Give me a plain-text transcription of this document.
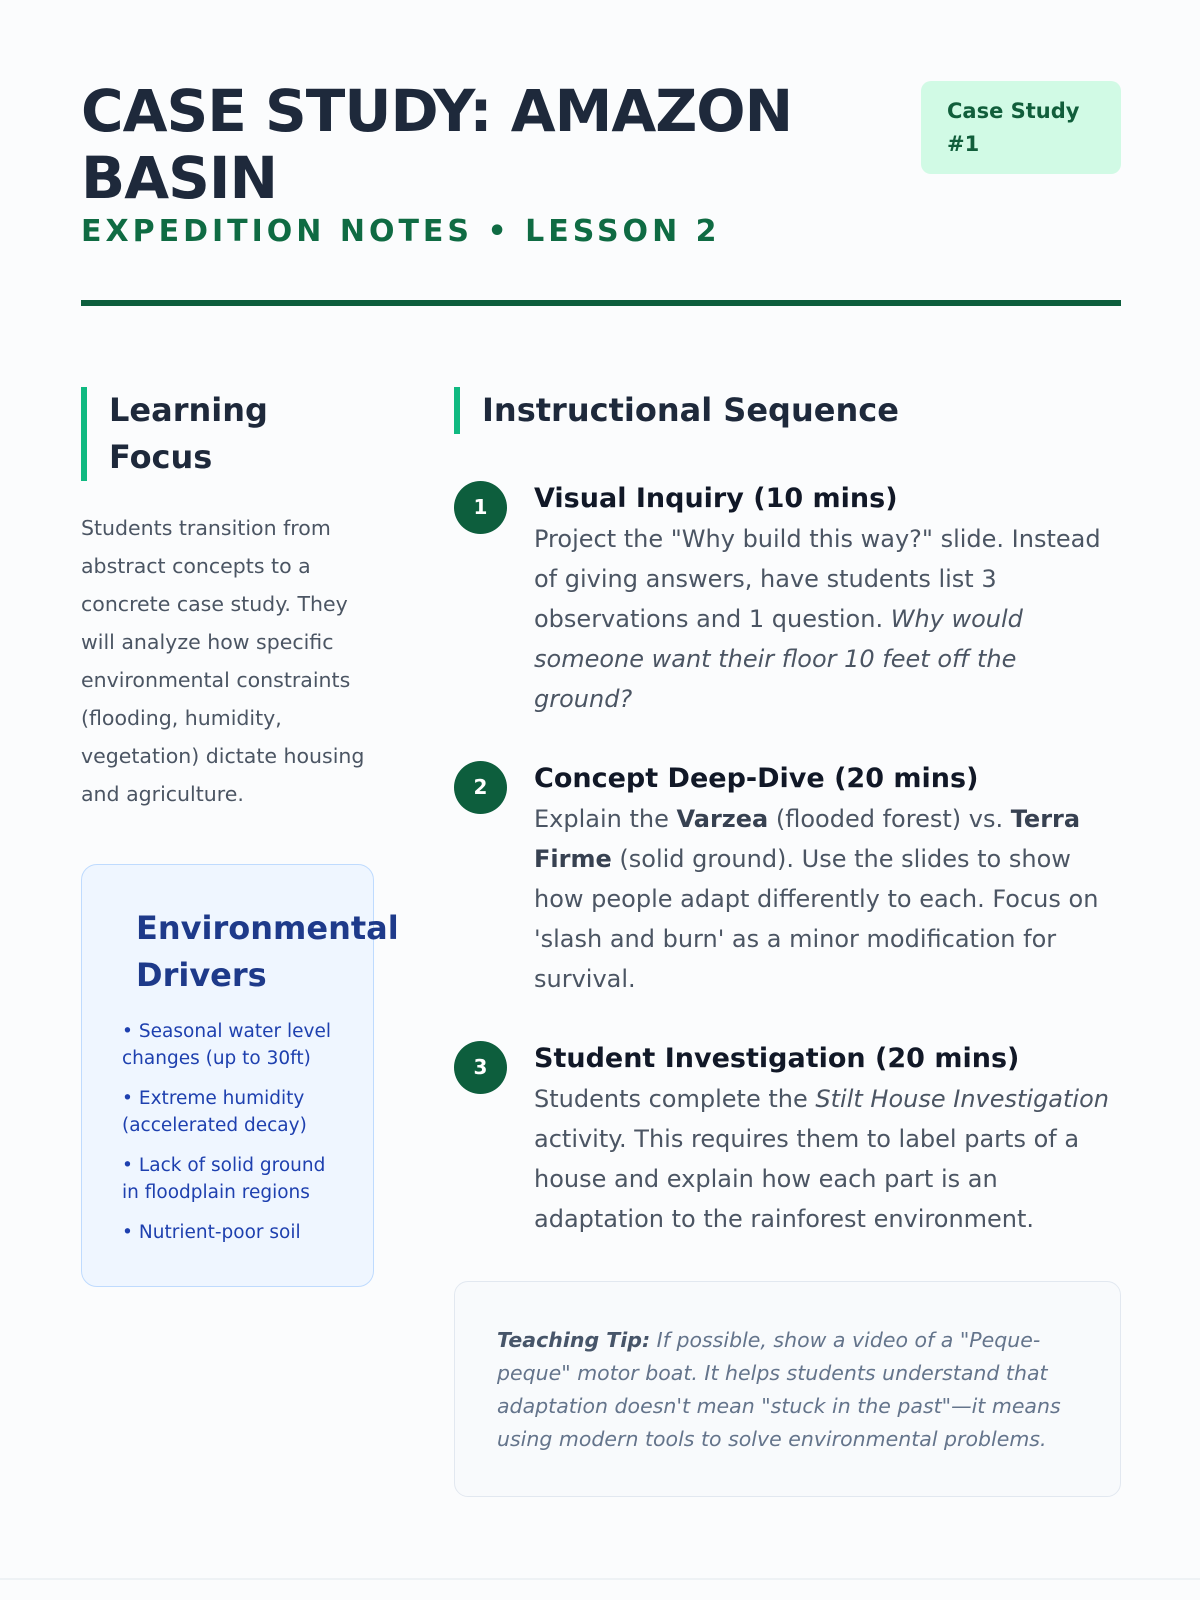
CASE STUDY: AMAZON BASIN
EXPEDITION NOTES • LESSON 2
Case Study #1
Learning Focus

Students transition from abstract concepts to a concrete case study. They will analyze how specific environmental constraints (flooding, humidity, vegetation) dictate housing and agriculture.

Environmental Drivers
• Seasonal water level changes (up to 30ft)
• Extreme humidity (accelerated decay)
• Lack of solid ground in floodplain regions
• Nutrient-poor soil
Instructional Sequence
1	Visual Inquiry (10 mins)
Project the "Why build this way?" slide. Instead of giving answers, have students list 3 observations and 1 question. Why would someone want their floor 10 feet off the ground?
2	Concept Deep-Dive (20 mins)
Explain the Varzea (flooded forest) vs. Terra Firme (solid ground). Use the slides to show how people adapt differently to each. Focus on 'slash and burn' as a minor modification for survival.
3	Student Investigation (20 mins)
Students complete the Stilt House Investigation activity. This requires them to label parts of a house and explain how each part is an adaptation to the rainforest environment.
Teaching Tip: If possible, show a video of a "Peque-peque" motor boat. It helps students understand that adaptation doesn't mean "stuck in the past"—it means using modern tools to solve environmental problems.
